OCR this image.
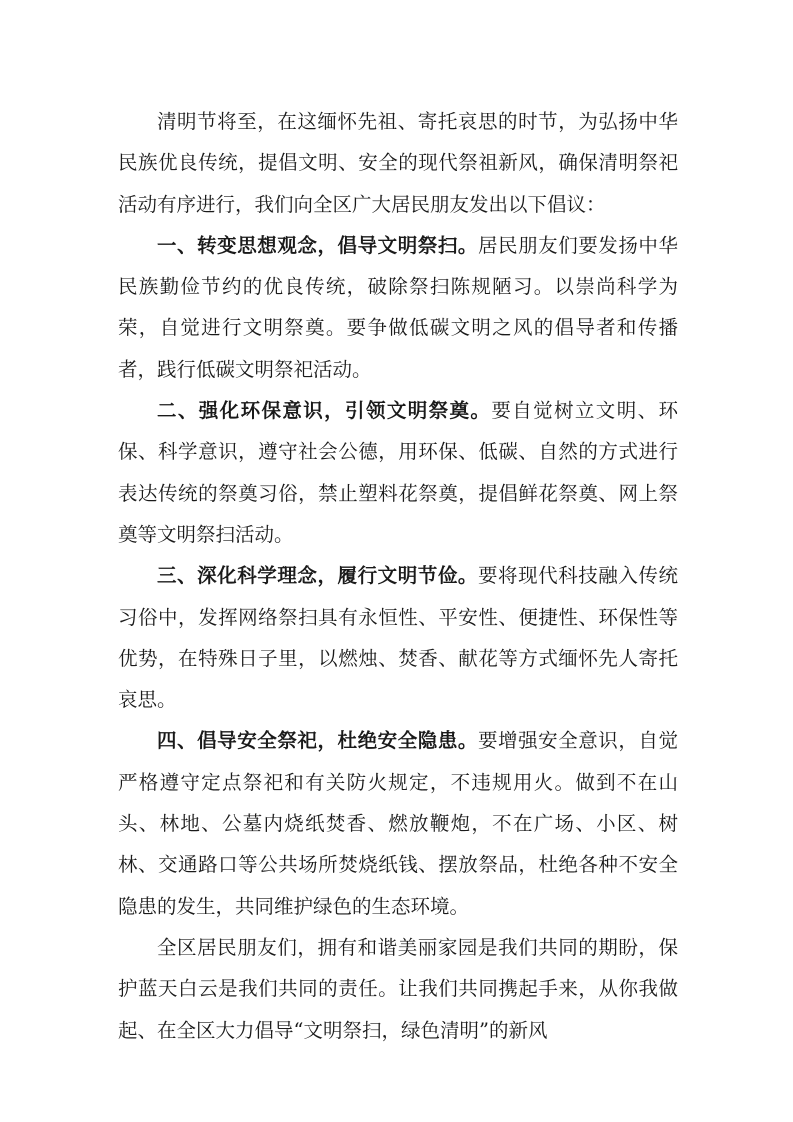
清明节将至，在这缅怀先祖、寄托哀思的时节，为弘扬中华民族优良传统，提倡文明、安全的现代祭祖新风，确保清明祭祀活动有序进行，我们向全区广大居民朋友发出以下倡议：

一、转变思想观念，倡导文明祭扫。居民朋友们要发扬中华民族勤俭节约的优良传统，破除祭扫陈规陋习。以崇尚科学为荣，自觉进行文明祭奠。要争做低碳文明之风的倡导者和传播者，践行低碳文明祭祀活动。

二、强化环保意识，引领文明祭奠。要自觉树立文明、环保、科学意识，遵守社会公德，用环保、低碳、自然的方式进行表达传统的祭奠习俗，禁止塑料花祭奠，提倡鲜花祭奠、网上祭奠等文明祭扫活动。

三、深化科学理念，履行文明节俭。要将现代科技融入传统习俗中，发挥网络祭扫具有永恒性、平安性、便捷性、环保性等优势，在特殊日子里，以燃烛、焚香、献花等方式缅怀先人寄托哀思。

四、倡导安全祭祀，杜绝安全隐患。要增强安全意识，自觉严格遵守定点祭祀和有关防火规定，不违规用火。做到不在山头、林地、公墓内烧纸焚香、燃放鞭炮，不在广场、小区、树林、交通路口等公共场所焚烧纸钱、摆放祭品，杜绝各种不安全隐患的发生，共同维护绿色的生态环境。

全区居民朋友们，拥有和谐美丽家园是我们共同的期盼，保护蓝天白云是我们共同的责任。让我们共同携起手来，从你我做起、在全区大力倡导“文明祭扫，绿色清明”的新风
